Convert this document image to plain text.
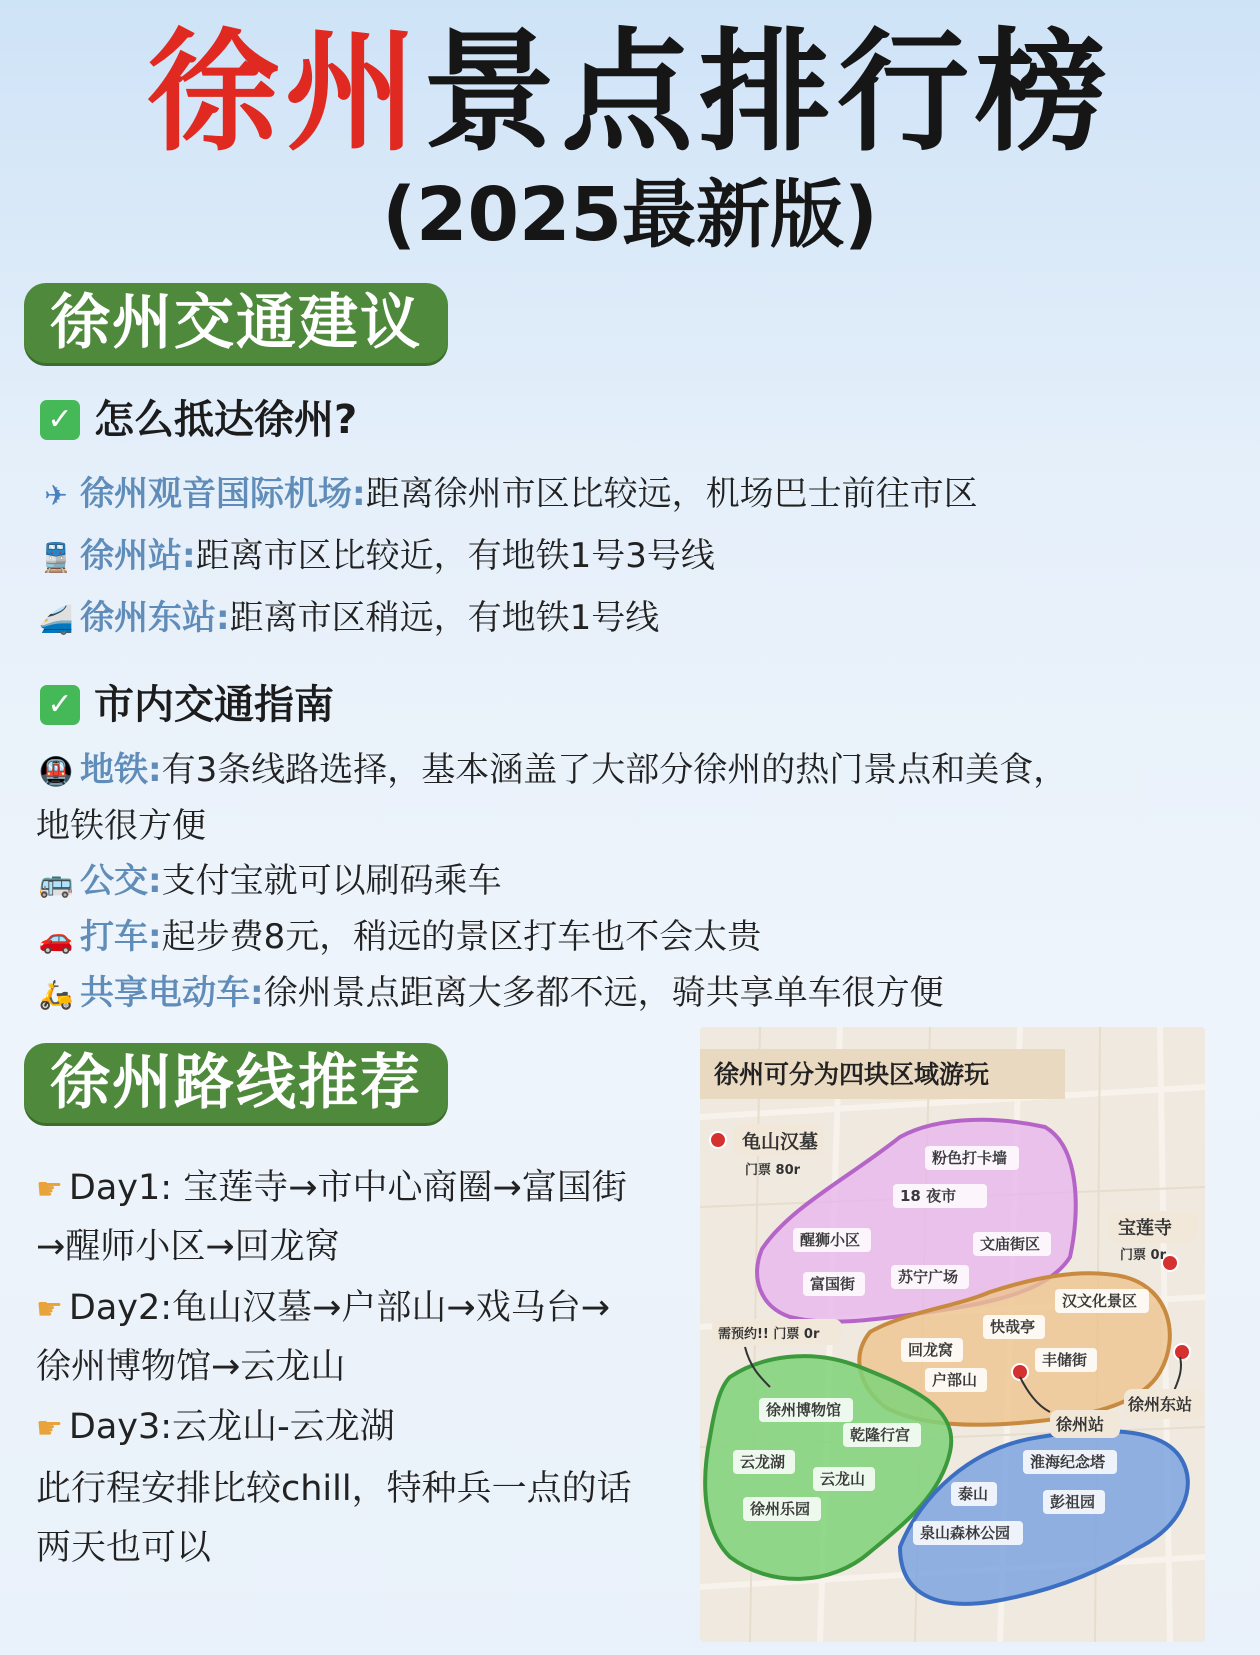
徐州景点排行榜
(2025最新版)
徐州交通建议
✓ 怎么抵达徐州?
✈ 徐州观音国际机场:距离徐州市区比较远，机场巴士前往市区
🚆 徐州站:距离市区比较近，有地铁1号3号线
🚄 徐州东站:距离市区稍远，有地铁1号线
✓ 市内交通指南
🚇 地铁:有3条线路选择，基本涵盖了大部分徐州的热门景点和美食，
地铁很方便
🚌 公交:支付宝就可以刷码乘车
🚗 打车:起步费8元，稍远的景区打车也不会太贵
🛵 共享电动车:徐州景点距离大多都不远，骑共享单车很方便
徐州路线推荐
☛ Day1: 宝莲寺→市中心商圈→富国街
→醒师小区→回龙窝
☛ Day2:龟山汉墓→户部山→戏马台→
徐州博物馆→云龙山
☛ Day3:云龙山-云龙湖
此行程安排比较chill，特种兵一点的话
两天也可以
徐州可分为四块区域游玩
龟山汉墓
门票 80r
宝莲寺
门票 0r
需预约!! 门票 0r
徐州东站
徐州站
粉色打卡墙
18 夜市
醒狮小区	文庙街区
富国街	苏宁广场
汉文化景区
快哉亭
回龙窝
丰储街
户部山
徐州博物馆
乾隆行宫
云龙湖
云龙山
徐州乐园
淮海纪念塔
泰山	彭祖园
泉山森林公园
